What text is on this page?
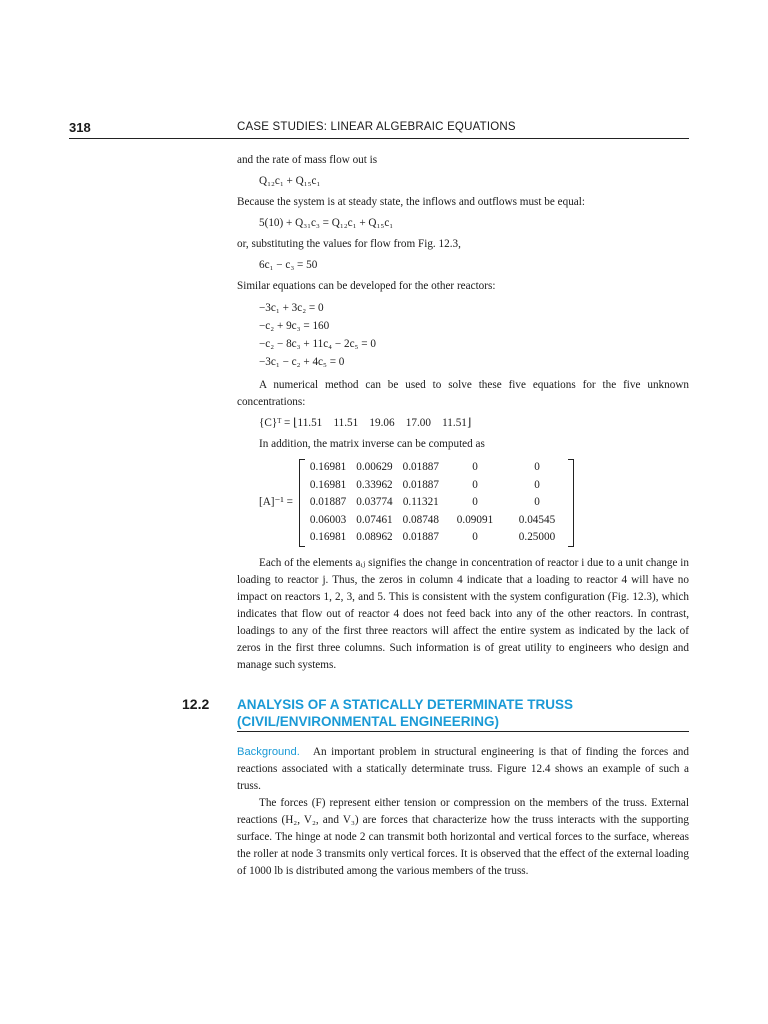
318	CASE STUDIES: LINEAR ALGEBRAIC EQUATIONS

and the rate of mass flow out is

Q₁₂c₁ + Q₁₅c₁

Because the system is at steady state, the inflows and outflows must be equal:

5(10) + Q₃₁c₃ = Q₁₂c₁ + Q₁₅c₁

or, substituting the values for flow from Fig. 12.3,

6c₁ − c₃ = 50

Similar equations can be developed for the other reactors:

−3c₁ + 3c₂ = 0
−c₂ + 9c₃ = 160
−c₂ − 8c₃ + 11c₄ − 2c₅ = 0
−3c₁ − c₂ + 4c₅ = 0

A numerical method can be used to solve these five equations for the five unknown concentrations:

{C}ᵀ = ⌊11.51    11.51    19.06    17.00    11.51⌋

In addition, the matrix inverse can be computed as

[A]⁻¹ =
0.16981	0.00629	0.01887	0	0
0.16981	0.33962	0.01887	0	0
0.01887	0.03774	0.11321	0	0
0.06003	0.07461	0.08748	0.09091	0.04545
0.16981	0.08962	0.01887	0	0.25000

Each of the elements aᵢⱼ signifies the change in concentration of reactor i due to a unit change in loading to reactor j. Thus, the zeros in column 4 indicate that a loading to reactor 4 will have no impact on reactors 1, 2, 3, and 5. This is consistent with the system configuration (Fig. 12.3), which indicates that flow out of reactor 4 does not feed back into any of the other reactors. In contrast, loadings to any of the first three reactors will affect the entire system as indicated by the lack of zeros in the first three columns. Such information is of great utility to engineers who design and manage such systems.

12.2 ANALYSIS OF A STATICALLY DETERMINATE TRUSS
(CIVIL/ENVIRONMENTAL ENGINEERING)

Background. An important problem in structural engineering is that of finding the forces and reactions associated with a statically determinate truss. Figure 12.4 shows an example of such a truss.

The forces (F) represent either tension or compression on the members of the truss. External reactions (H₂, V₂, and V₃) are forces that characterize how the truss interacts with the supporting surface. The hinge at node 2 can transmit both horizontal and vertical forces to the surface, whereas the roller at node 3 transmits only vertical forces. It is observed that the effect of the external loading of 1000 lb is distributed among the various members of the truss.
